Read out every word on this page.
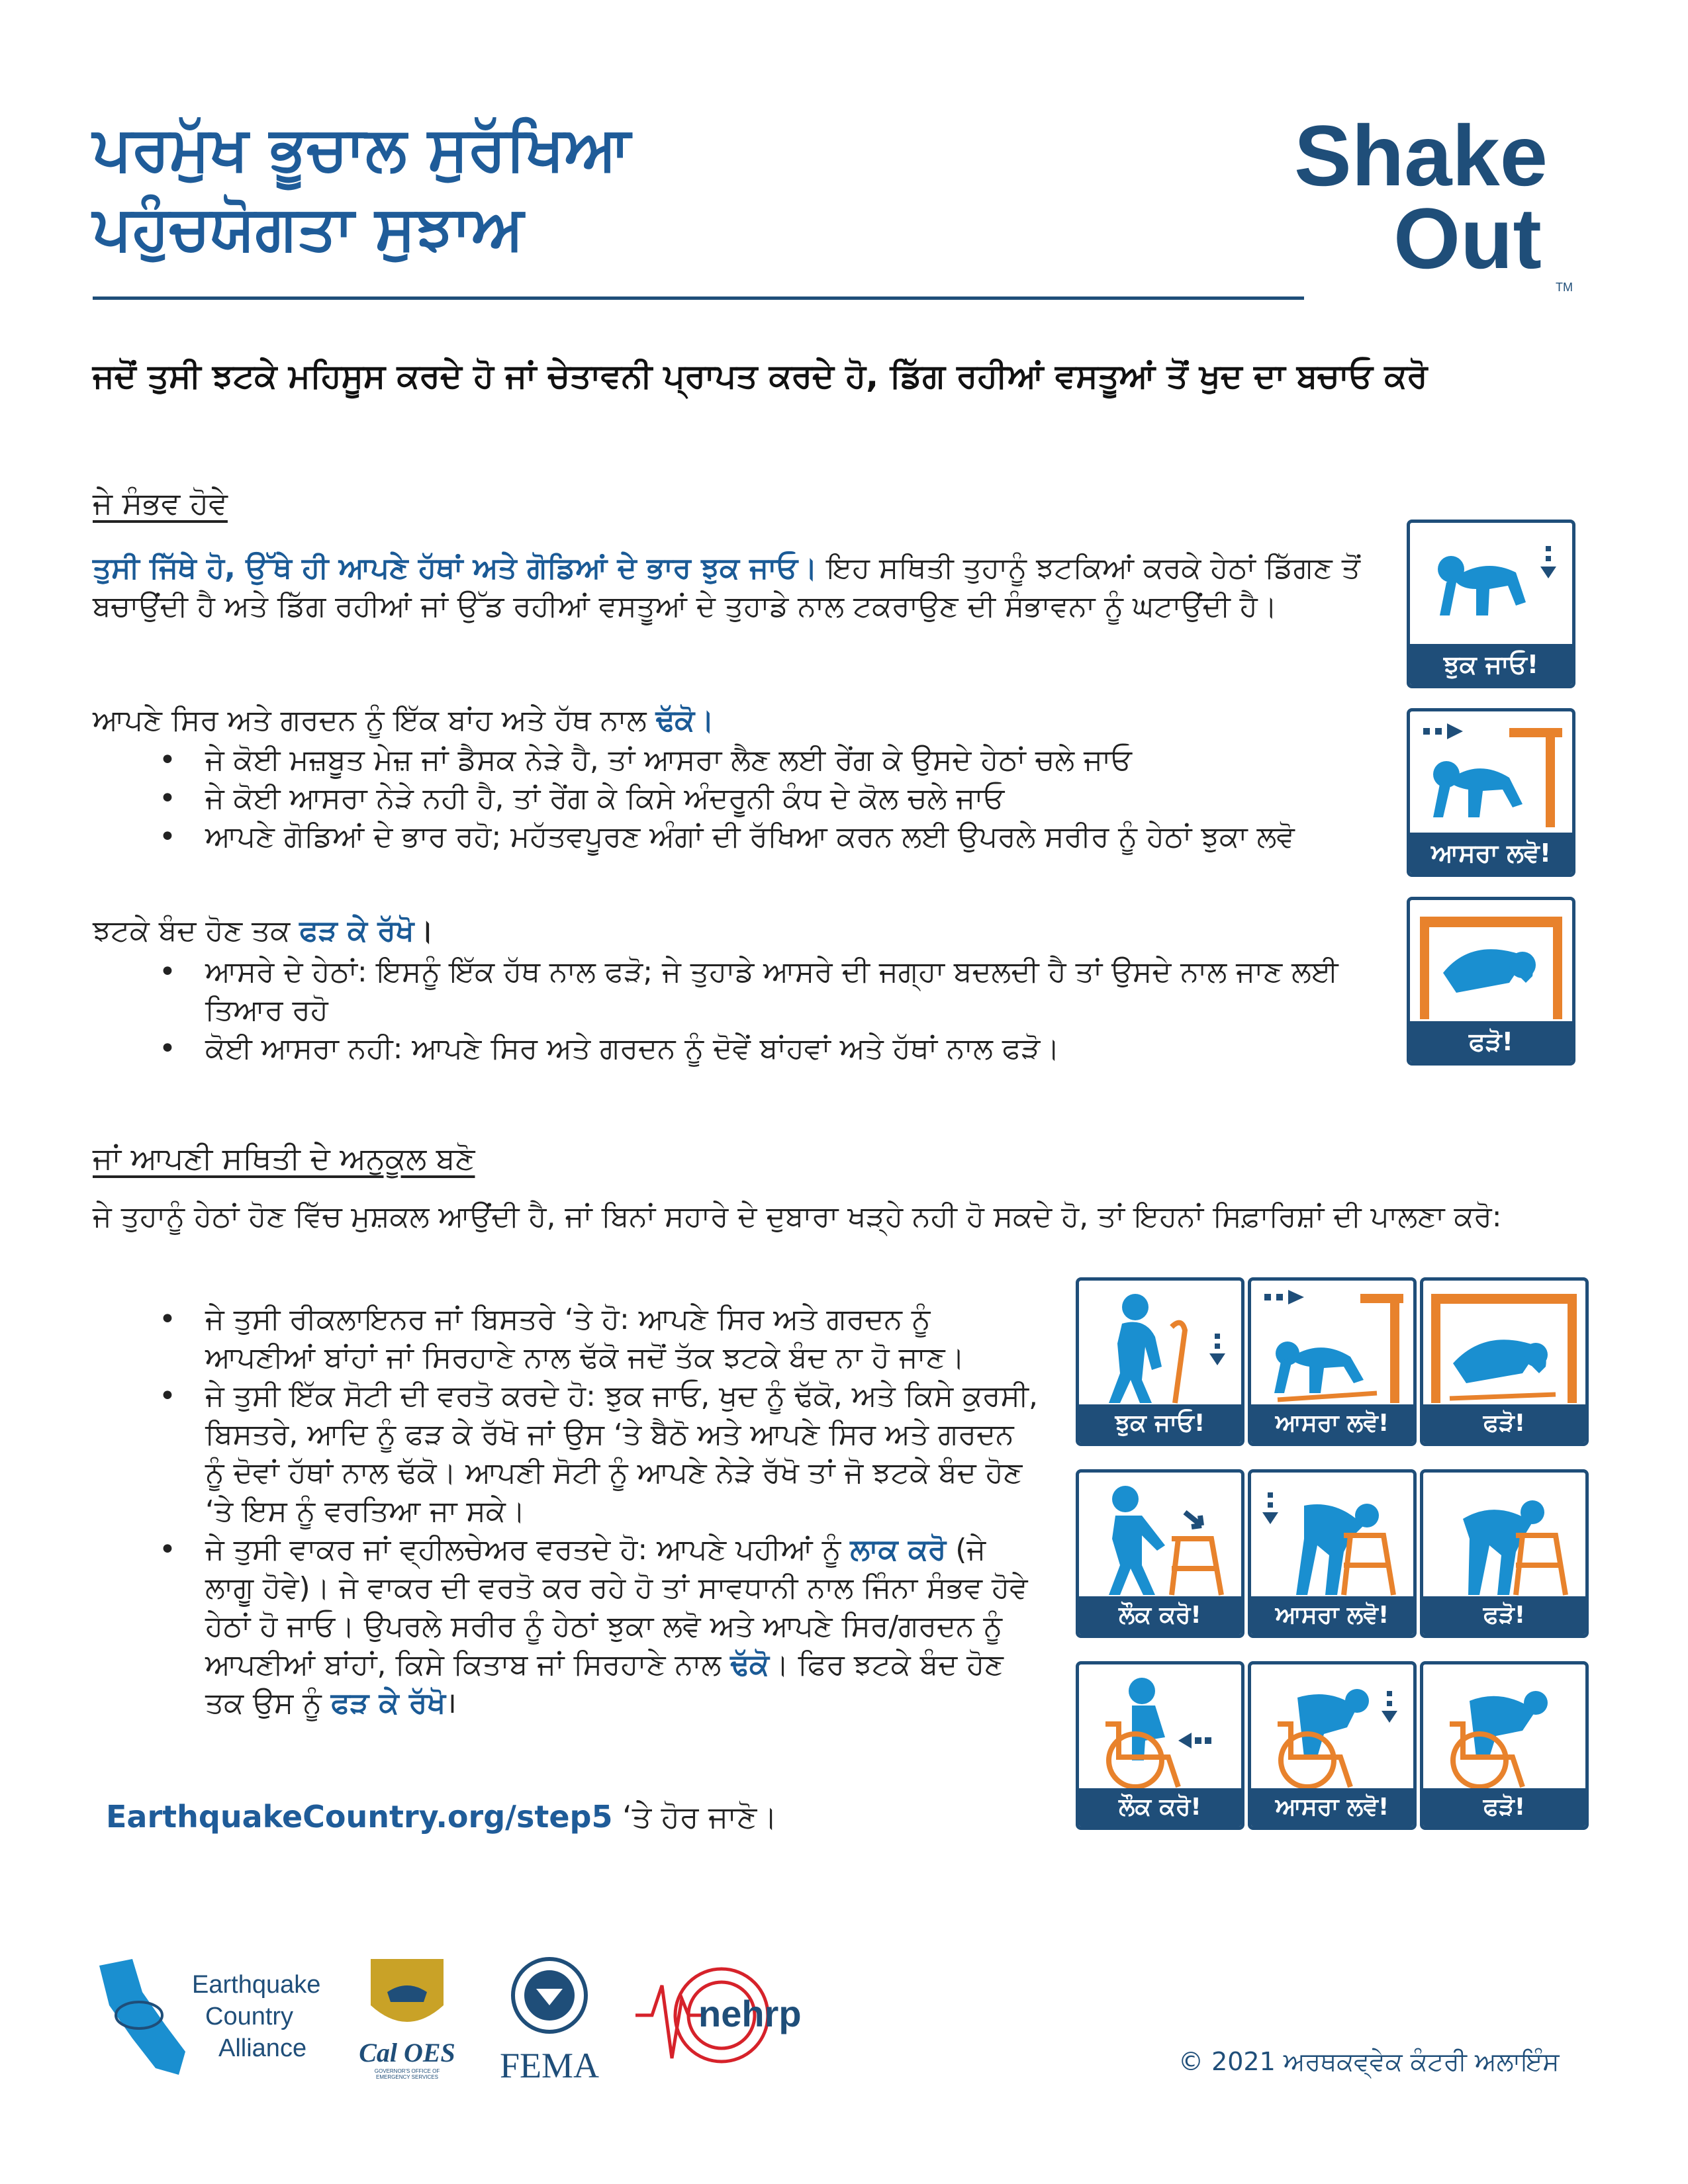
ਪਰਮੁੱਖ ਭੂਚਾਲ ਸੁਰੱਖਿਆ
ਪਹੁੰਚਯੋਗਤਾ ਸੁਝਾਅ
Shake
Out
TM
ਜਦੋਂ ਤੁਸੀ ਝਟਕੇ ਮਹਿਸੂਸ ਕਰਦੇ ਹੋ ਜਾਂ ਚੇਤਾਵਨੀ ਪ੍ਰਾਪਤ ਕਰਦੇ ਹੋ, ਡਿੱਗ ਰਹੀਆਂ ਵਸਤੂਆਂ ਤੋਂ ਖੁਦ ਦਾ ਬਚਾਓ ਕਰੋ
ਜੇ ਸੰਭਵ ਹੋਵੇ
ਤੁਸੀ ਜਿੱਥੇ ਹੋ, ਉੱਥੇ ਹੀ ਆਪਣੇ ਹੱਥਾਂ ਅਤੇ ਗੋਡਿਆਂ ਦੇ ਭਾਰ ਝੁਕ ਜਾਓ। ਇਹ ਸਥਿਤੀ ਤੁਹਾਨੂੰ ਝਟਕਿਆਂ ਕਰਕੇ ਹੇਠਾਂ ਡਿੱਗਣ ਤੋਂ ਬਚਾਉਂਦੀ ਹੈ ਅਤੇ ਡਿੱਗ ਰਹੀਆਂ ਜਾਂ ਉੱਡ ਰਹੀਆਂ ਵਸਤੂਆਂ ਦੇ ਤੁਹਾਡੇ ਨਾਲ ਟਕਰਾਉਣ ਦੀ ਸੰਭਾਵਨਾ ਨੂੰ ਘਟਾਉਂਦੀ ਹੈ।
ਆਪਣੇ ਸਿਰ ਅਤੇ ਗਰਦਨ ਨੂੰ ਇੱਕ ਬਾਂਹ ਅਤੇ ਹੱਥ ਨਾਲ ਢੱਕੋ।
• ਜੇ ਕੋਈ ਮਜ਼ਬੂਤ ਮੇਜ਼ ਜਾਂ ਡੈਸਕ ਨੇੜੇ ਹੈ, ਤਾਂ ਆਸਰਾ ਲੈਣ ਲਈ ਰੇਂਗ ਕੇ ਉਸਦੇ ਹੇਠਾਂ ਚਲੇ ਜਾਓ
• ਜੇ ਕੋਈ ਆਸਰਾ ਨੇੜੇ ਨਹੀ ਹੈ, ਤਾਂ ਰੇਂਗ ਕੇ ਕਿਸੇ ਅੰਦਰੂਨੀ ਕੰਧ ਦੇ ਕੋਲ ਚਲੇ ਜਾਓ
• ਆਪਣੇ ਗੋਡਿਆਂ ਦੇ ਭਾਰ ਰਹੋ; ਮਹੱਤਵਪੂਰਣ ਅੰਗਾਂ ਦੀ ਰੱਖਿਆ ਕਰਨ ਲਈ ਉਪਰਲੇ ਸਰੀਰ ਨੂੰ ਹੇਠਾਂ ਝੁਕਾ ਲਵੋ
ਝਟਕੇ ਬੰਦ ਹੋਣ ਤਕ ਫੜ ਕੇ ਰੱਖੋ।
• ਆਸਰੇ ਦੇ ਹੇਠਾਂ: ਇਸਨੂੰ ਇੱਕ ਹੱਥ ਨਾਲ ਫੜੋ; ਜੇ ਤੁਹਾਡੇ ਆਸਰੇ ਦੀ ਜਗ੍ਹਾ ਬਦਲਦੀ ਹੈ ਤਾਂ ਉਸਦੇ ਨਾਲ ਜਾਣ ਲਈ ਤਿਆਰ ਰਹੋ
• ਕੋਈ ਆਸਰਾ ਨਹੀ: ਆਪਣੇ ਸਿਰ ਅਤੇ ਗਰਦਨ ਨੂੰ ਦੋਵੇਂ ਬਾਂਹਵਾਂ ਅਤੇ ਹੱਥਾਂ ਨਾਲ ਫੜੋ।
ਝੁਕ ਜਾਓ!
ਆਸਰਾ ਲਵੋ!
ਫੜੋ!
ਜਾਂ ਆਪਣੀ ਸਥਿਤੀ ਦੇ ਅਨੁਕੂਲ ਬਣੋ
ਜੇ ਤੁਹਾਨੂੰ ਹੇਠਾਂ ਹੋਣ ਵਿੱਚ ਮੁਸ਼ਕਲ ਆਉਂਦੀ ਹੈ, ਜਾਂ ਬਿਨਾਂ ਸਹਾਰੇ ਦੇ ਦੁਬਾਰਾ ਖੜ੍ਹੇ ਨਹੀ ਹੋ ਸਕਦੇ ਹੋ, ਤਾਂ ਇਹਨਾਂ ਸਿਫ਼ਾਰਿਸ਼ਾਂ ਦੀ ਪਾਲਣਾ ਕਰੋ:
• ਜੇ ਤੁਸੀ ਰੀਕਲਾਇਨਰ ਜਾਂ ਬਿਸਤਰੇ ‘ਤੇ ਹੋ: ਆਪਣੇ ਸਿਰ ਅਤੇ ਗਰਦਨ ਨੂੰ ਆਪਣੀਆਂ ਬਾਂਹਾਂ ਜਾਂ ਸਿਰਹਾਣੇ ਨਾਲ ਢੱਕੋ ਜਦੋਂ ਤੱਕ ਝਟਕੇ ਬੰਦ ਨਾ ਹੋ ਜਾਣ।
• ਜੇ ਤੁਸੀ ਇੱਕ ਸੋਟੀ ਦੀ ਵਰਤੋ ਕਰਦੇ ਹੋ: ਝੁਕ ਜਾਓ, ਖੁਦ ਨੂੰ ਢੱਕੋ, ਅਤੇ ਕਿਸੇ ਕੁਰਸੀ, ਬਿਸਤਰੇ, ਆਦਿ ਨੂੰ ਫੜ ਕੇ ਰੱਖੋ ਜਾਂ ਉਸ ‘ਤੇ ਬੈਠੋ ਅਤੇ ਆਪਣੇ ਸਿਰ ਅਤੇ ਗਰਦਨ ਨੂੰ ਦੋਵਾਂ ਹੱਥਾਂ ਨਾਲ ਢੱਕੋ। ਆਪਣੀ ਸੋਟੀ ਨੂੰ ਆਪਣੇ ਨੇੜੇ ਰੱਖੋ ਤਾਂ ਜੋ ਝਟਕੇ ਬੰਦ ਹੋਣ ‘ਤੇ ਇਸ ਨੂੰ ਵਰਤਿਆ ਜਾ ਸਕੇ।
• ਜੇ ਤੁਸੀ ਵਾਕਰ ਜਾਂ ਵ੍ਹੀਲਚੇਅਰ ਵਰਤਦੇ ਹੋ: ਆਪਣੇ ਪਹੀਆਂ ਨੂੰ ਲਾਕ ਕਰੋ (ਜੇ ਲਾਗੂ ਹੋਵੇ)। ਜੇ ਵਾਕਰ ਦੀ ਵਰਤੋ ਕਰ ਰਹੇ ਹੋ ਤਾਂ ਸਾਵਧਾਨੀ ਨਾਲ ਜਿੰਨਾ ਸੰਭਵ ਹੋਵੇ ਹੇਠਾਂ ਹੋ ਜਾਓ। ਉਪਰਲੇ ਸਰੀਰ ਨੂੰ ਹੇਠਾਂ ਝੁਕਾ ਲਵੋ ਅਤੇ ਆਪਣੇ ਸਿਰ/ਗਰਦਨ ਨੂੰ ਆਪਣੀਆਂ ਬਾਂਹਾਂ, ਕਿਸੇ ਕਿਤਾਬ ਜਾਂ ਸਿਰਹਾਣੇ ਨਾਲ ਢੱਕੋ। ਫਿਰ ਝਟਕੇ ਬੰਦ ਹੋਣ ਤਕ ਉਸ ਨੂੰ ਫੜ ਕੇ ਰੱਖੋ।
ਝੁਕ ਜਾਓ!	ਆਸਰਾ ਲਵੋ!	ਫੜੋ!
ਲੌਕ ਕਰੋ!	ਆਸਰਾ ਲਵੋ!	ਫੜੋ!
ਲੌਕ ਕਰੋ!	ਆਸਰਾ ਲਵੋ!	ਫੜੋ!
EarthquakeCountry.org/step5 ‘ਤੇ ਹੋਰ ਜਾਣੋ।
Earthquake
Country
Alliance	Cal OES
GOVERNOR'S OFFICE OF EMERGENCY SERVICES	FEMA
nehrp
© 2021 ਅਰਥਕਵ੍ਵੇਕ ਕੰਟਰੀ ਅਲਾਇੰਸ
